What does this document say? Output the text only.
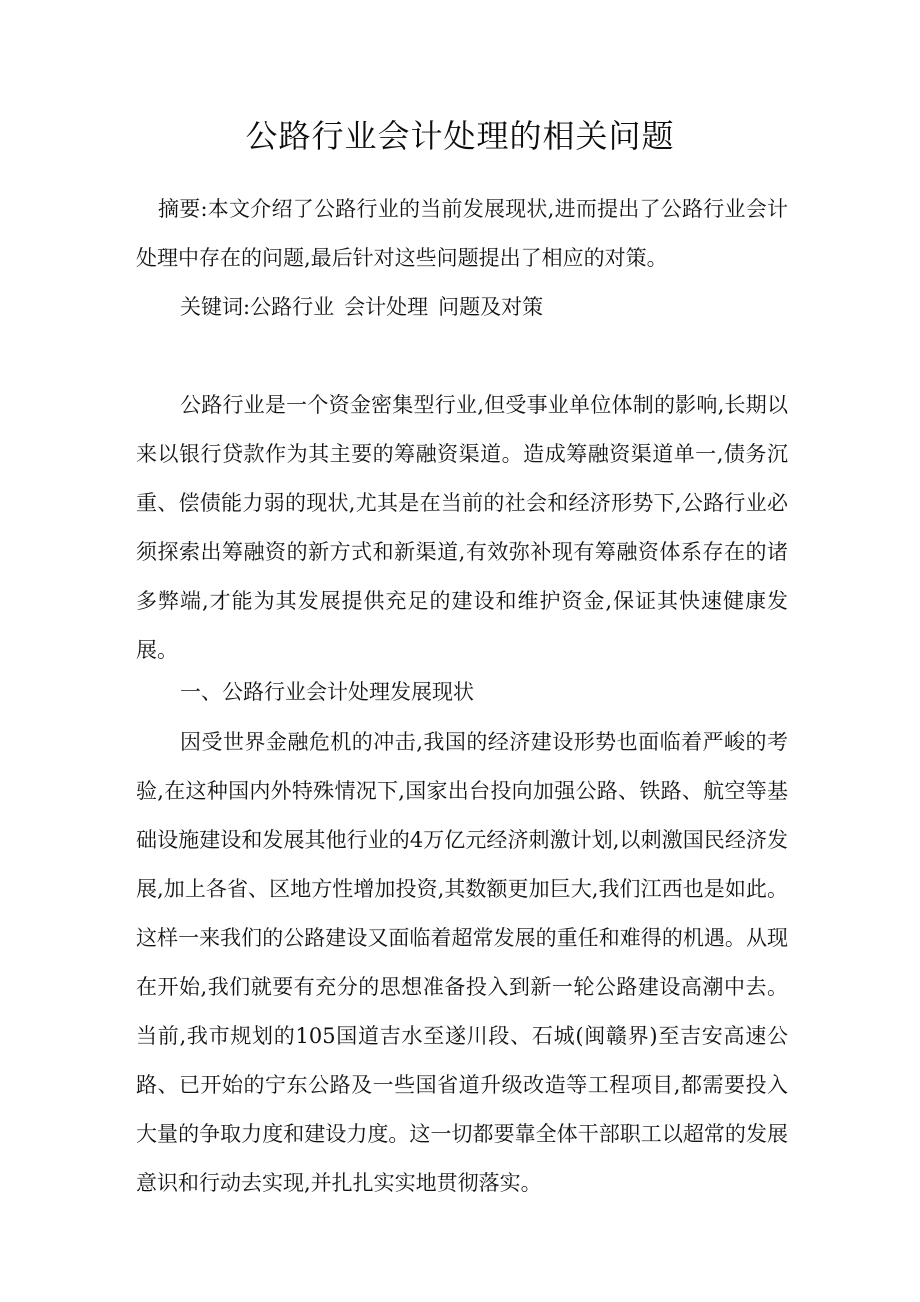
公路行业会计处理的相关问题

摘要:本文介绍了公路行业的当前发展现状,进而提出了公路行业会计处理中存在的问题,最后针对这些问题提出了相应的对策。

关键词:公路行业 会计处理 问题及对策

公路行业是一个资金密集型行业,但受事业单位体制的影响,长期以来以银行贷款作为其主要的筹融资渠道。造成筹融资渠道单一,债务沉重、偿债能力弱的现状,尤其是在当前的社会和经济形势下,公路行业必须探索出筹融资的新方式和新渠道,有效弥补现有筹融资体系存在的诸多弊端,才能为其发展提供充足的建设和维护资金,保证其快速健康发展。

一、公路行业会计处理发展现状

因受世界金融危机的冲击,我国的经济建设形势也面临着严峻的考验,在这种国内外特殊情况下,国家出台投向加强公路、铁路、航空等基础设施建设和发展其他行业的4万亿元经济刺激计划,以刺激国民经济发展,加上各省、区地方性增加投资,其数额更加巨大,我们江西也是如此。这样一来我们的公路建设又面临着超常发展的重任和难得的机遇。从现在开始,我们就要有充分的思想准备投入到新一轮公路建设高潮中去。当前,我市规划的105国道吉水至遂川段、石城(闽赣界)至吉安高速公路、已开始的宁东公路及一些国省道升级改造等工程项目,都需要投入大量的争取力度和建设力度。这一切都要靠全体干部职工以超常的发展意识和行动去实现,并扎扎实实地贯彻落实。
